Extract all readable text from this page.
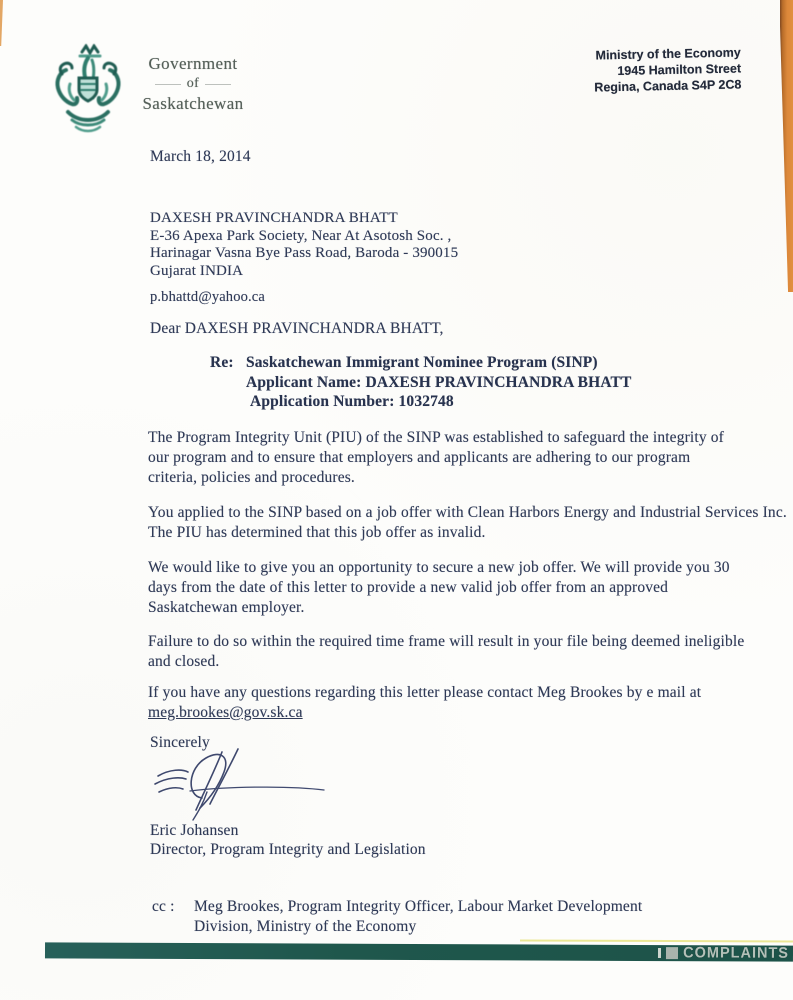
Government
of
Saskatchewan
Ministry of the Economy
1945 Hamilton Street
Regina, Canada S4P 2C8
March 18, 2014
DAXESH PRAVINCHANDRA BHATT
E-36 Apexa Park Society, Near At Asotosh Soc. ,
Harinagar Vasna Bye Pass Road, Baroda - 390015
Gujarat INDIA
p.bhattd@yahoo.ca
Dear DAXESH PRAVINCHANDRA BHATT,
Re: Saskatchewan Immigrant Nominee Program (SINP)
Applicant Name: DAXESH PRAVINCHANDRA BHATT
Application Number: 1032748
The Program Integrity Unit (PIU) of the SINP was established to safeguard the integrity of our program and to ensure that employers and applicants are adhering to our program criteria, policies and procedures.
You applied to the SINP based on a job offer with Clean Harbors Energy and Industrial Services Inc. The PIU has determined that this job offer as invalid.
We would like to give you an opportunity to secure a new job offer. We will provide you 30 days from the date of this letter to provide a new valid job offer from an approved Saskatchewan employer.
Failure to do so within the required time frame will result in your file being deemed ineligible and closed.
If you have any questions regarding this letter please contact Meg Brookes by e mail at
meg.brookes@gov.sk.ca
Sincerely
Eric Johansen
Director, Program Integrity and Legislation
cc : Meg Brookes, Program Integrity Officer, Labour Market Development
Division, Ministry of the Economy
COMPLAINTS
